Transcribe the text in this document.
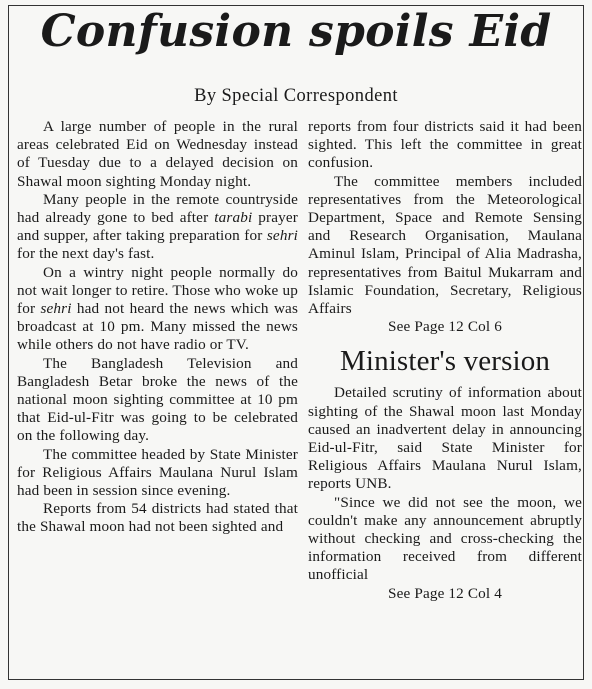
Confusion spoils Eid
By Special Correspondent

A large number of people in the rural areas celebrated Eid on Wednesday instead of Tuesday due to a delayed decision on Shawal moon sighting Monday night.

Many people in the remote countryside had already gone to bed after tarabi prayer and supper, after taking preparation for sehri for the next day's fast.

On a wintry night people normally do not wait longer to retire. Those who woke up for sehri had not heard the news which was broadcast at 10 pm. Many missed the news while others do not have radio or TV.

The Bangladesh Television and Bangladesh Betar broke the news of the national moon sighting committee at 10 pm that Eid-ul-Fitr was going to be celebrated on the following day.

The committee headed by State Minister for Religious Affairs Maulana Nurul Islam had been in session since evening.

Reports from 54 districts had stated that the Shawal moon had not been sighted and

reports from four districts said it had been sighted. This left the committee in great confusion.

The committee members included representatives from the Meteorological Department, Space and Remote Sensing and Research Organisation, Maulana Aminul Islam, Principal of Alia Madrasha, representatives from Baitul Mukarram and Islamic Foundation, Secretary, Religious Affairs

See Page 12 Col 6

Minister's version

Detailed scrutiny of information about sighting of the Shawal moon last Monday caused an inadvertent delay in announcing Eid-ul-Fitr, said State Minister for Religious Affairs Maulana Nurul Islam, reports UNB.

"Since we did not see the moon, we couldn't make any announcement abruptly without checking and cross-checking the information received from different unofficial

See Page 12 Col 4
